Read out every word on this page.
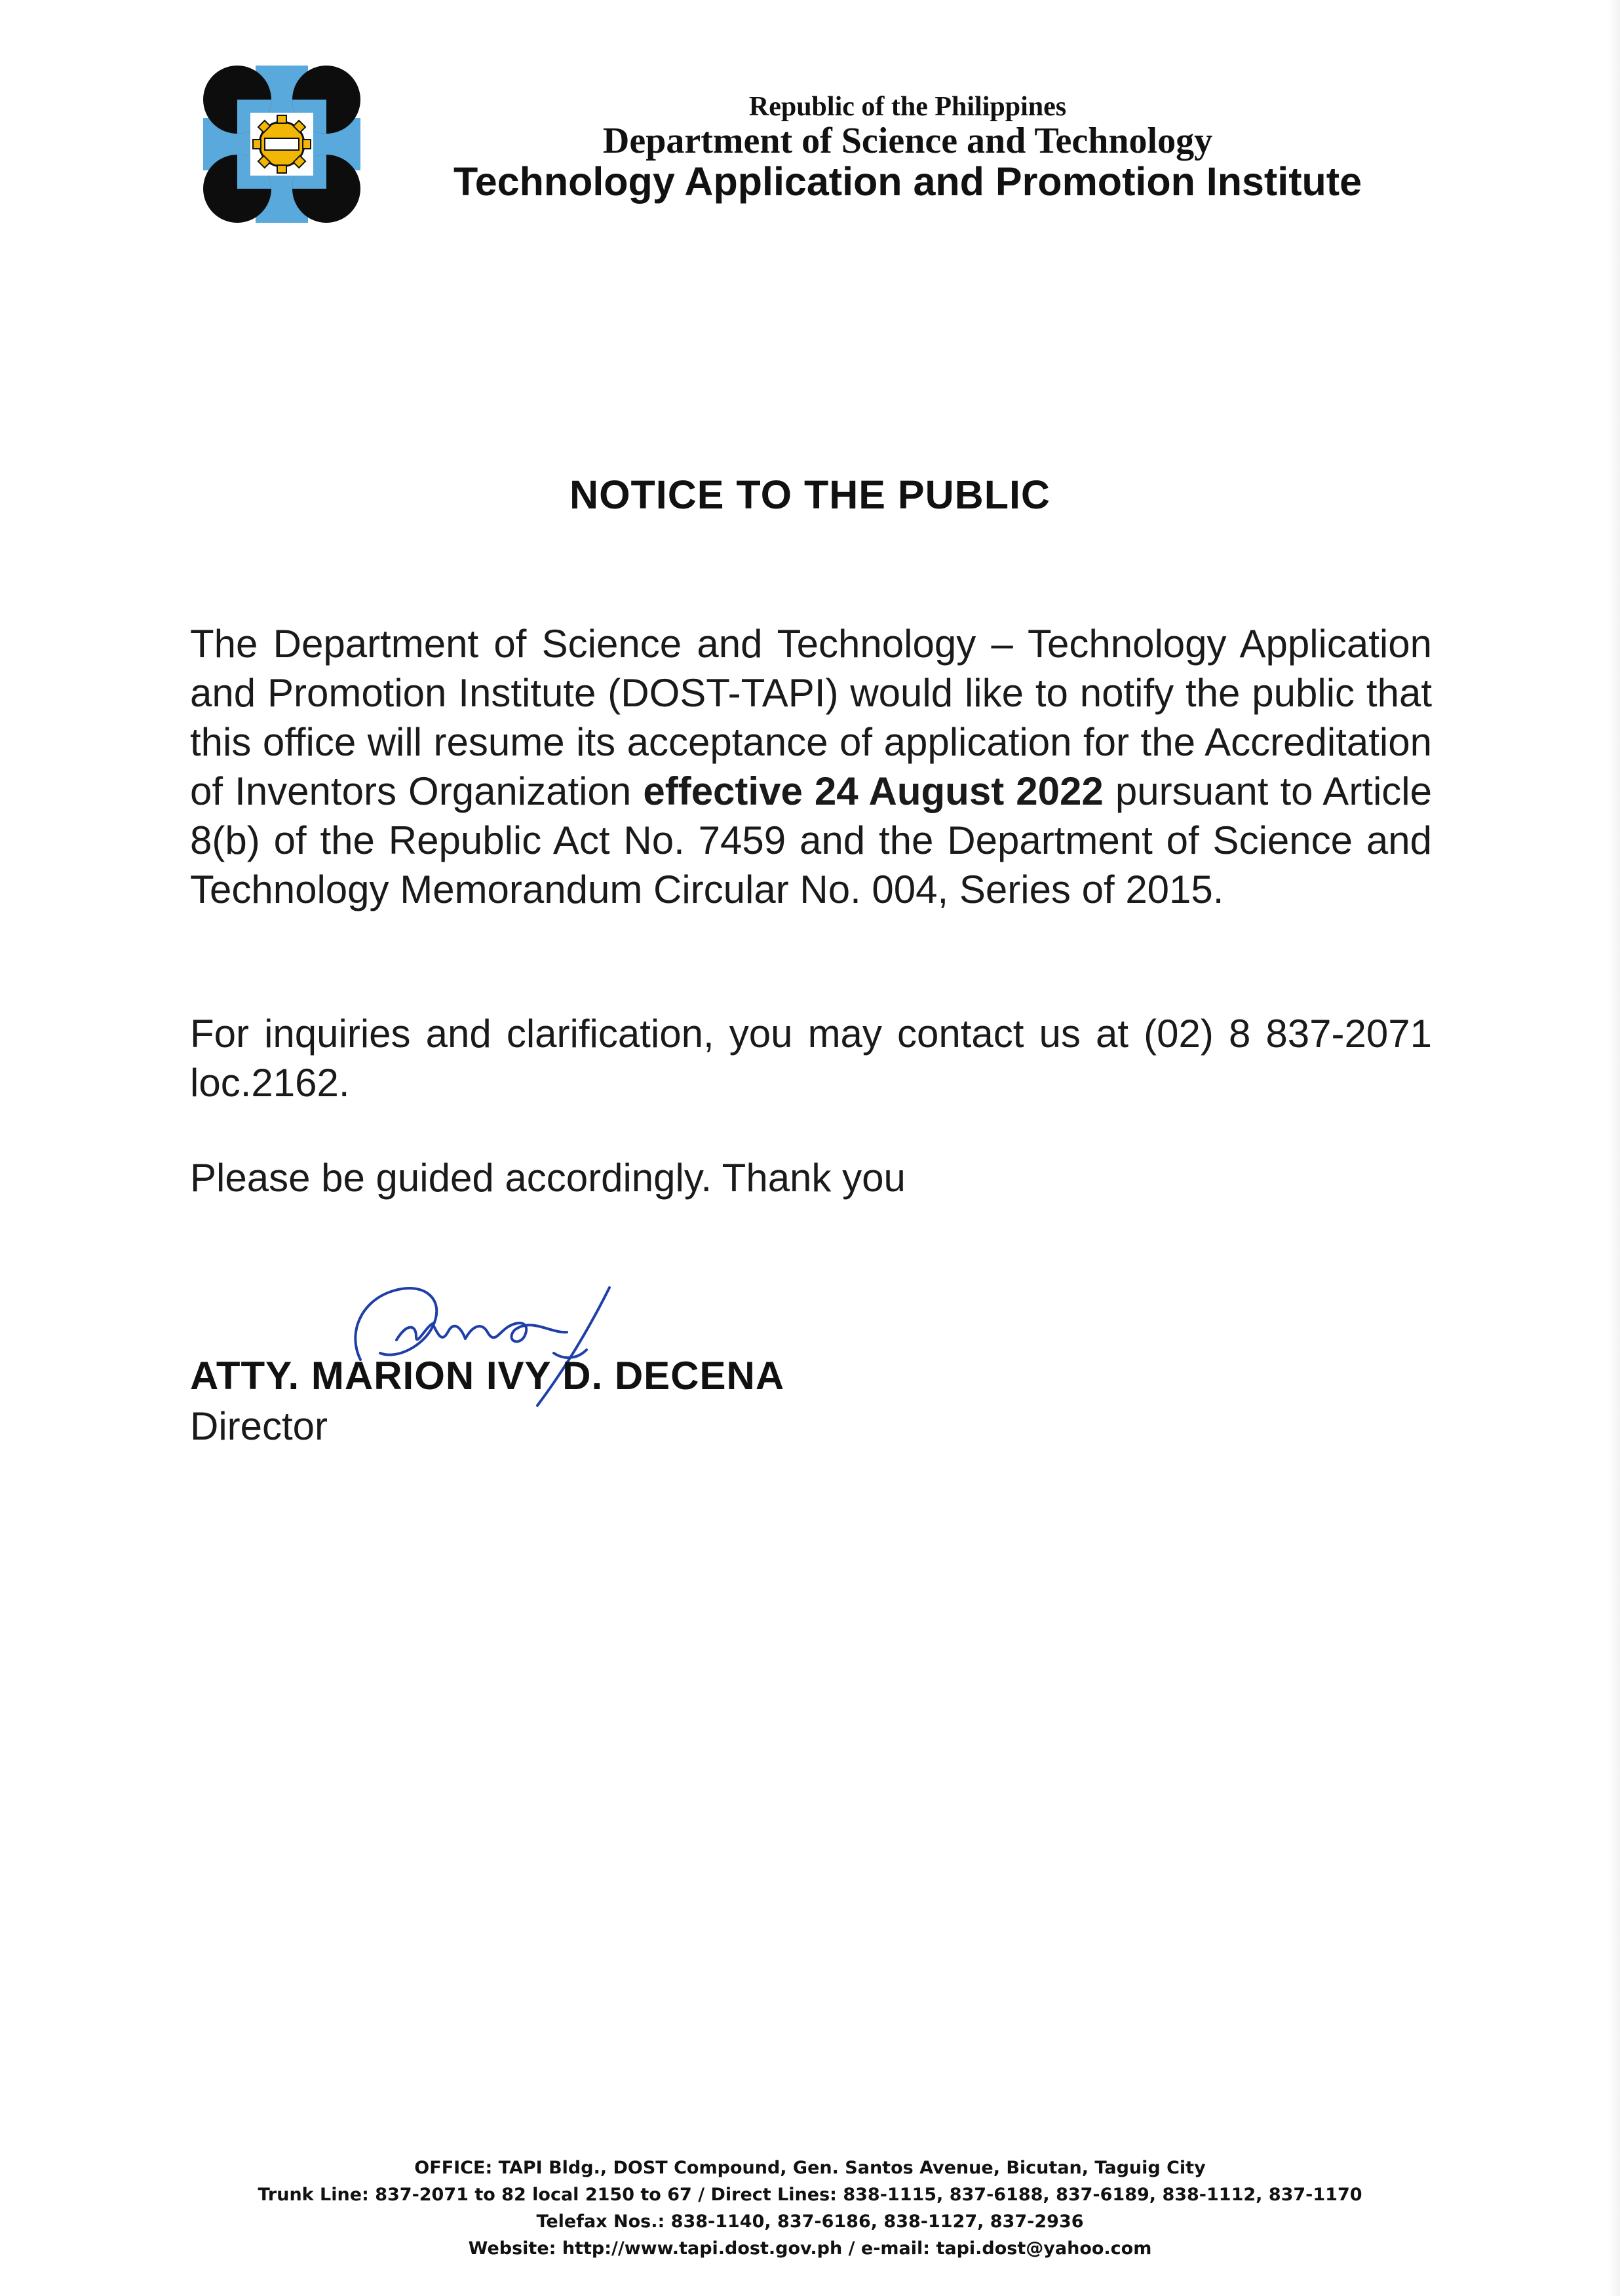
Republic of the Philippines
Department of Science and Technology
Technology Application and Promotion Institute
NOTICE TO THE PUBLIC
The Department of Science and Technology – Technology Application and Promotion Institute (DOST-TAPI) would like to notify the public that this office will resume its acceptance of application for the Accreditation of Inventors Organization effective 24 August 2022 pursuant to Article 8(b) of the Republic Act No. 7459 and the Department of Science and Technology Memorandum Circular No. 004, Series of 2015.
For inquiries and clarification, you may contact us at (02) 8 837-2071 loc.2162.
Please be guided accordingly. Thank you
ATTY. MARION IVY D. DECENA
Director
OFFICE: TAPI Bldg., DOST Compound, Gen. Santos Avenue, Bicutan, Taguig City
Trunk Line: 837-2071 to 82 local 2150 to 67 / Direct Lines: 838-1115, 837-6188, 837-6189, 838-1112, 837-1170
Telefax Nos.: 838-1140, 837-6186, 838-1127, 837-2936
Website: http://www.tapi.dost.gov.ph / e-mail: tapi.dost@yahoo.com
